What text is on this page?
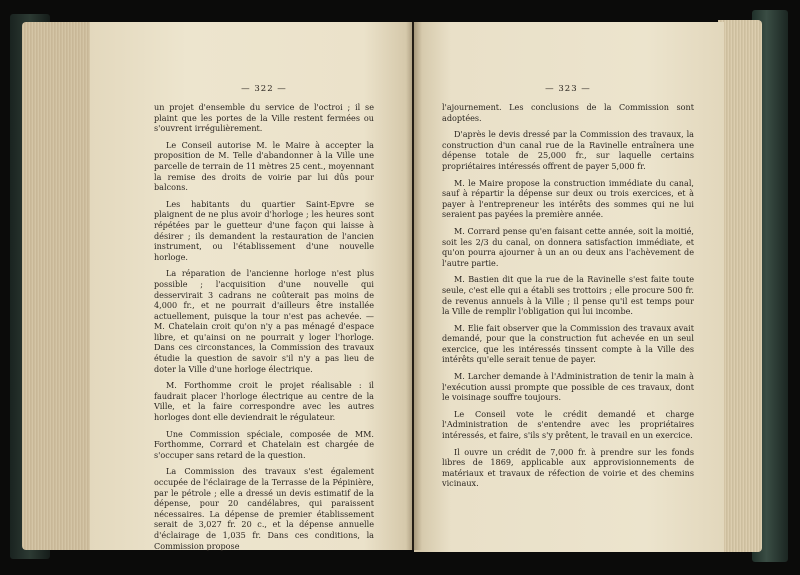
— 322 —

un projet d'ensemble du service de l'octroi ; il se plaint que les portes de la Ville restent fermées ou s'ouvrent irrégulièrement.

Le Conseil autorise M. le Maire à accepter la proposition de M. Telle d'abandonner à la Ville une parcelle de terrain de 11 mètres 25 cent., moyennant la remise des droits de voirie par lui dûs pour balcons.

Les habitants du quartier Saint-Epvre se plaignent de ne plus avoir d'horloge ; les heures sont répétées par le guetteur d'une façon qui laisse à désirer ; ils demandent la restauration de l'ancien instrument, ou l'établissement d'une nouvelle horloge.

La réparation de l'ancienne horloge n'est plus possible ; l'acquisition d'une nouvelle qui desservirait 3 cadrans ne coûterait pas moins de 4,000 fr., et ne pourrait d'ailleurs être installée actuellement, puisque la tour n'est pas achevée. — M. Chatelain croit qu'on n'y a pas ménagé d'espace libre, et qu'ainsi on ne pourrait y loger l'horloge. Dans ces circonstances, la Commission des travaux étudie la question de savoir s'il n'y a pas lieu de doter la Ville d'une horloge électrique.

M. Forthomme croit le projet réalisable : il faudrait placer l'horloge électrique au centre de la Ville, et la faire correspondre avec les autres horloges dont elle deviendrait le régulateur.

Une Commission spéciale, composée de MM. Forthomme, Corrard et Chatelain est chargée de s'occuper sans retard de la question.

La Commission des travaux s'est également occupée de l'éclairage de la Terrasse de la Pépinière, par le pétrole ; elle a dressé un devis estimatif de la dépense, pour 20 candélabres, qui paraissent nécessaires. La dépense de premier établissement serait de 3,027 fr. 20 c., et la dépense annuelle d'éclairage de 1,035 fr. Dans ces conditions, la Commission propose

— 323 —

l'ajournement. Les conclusions de la Commission sont adoptées.

D'après le devis dressé par la Commission des travaux, la construction d'un canal rue de la Ravinelle entraînera une dépense totale de 25,000 fr., sur laquelle certains propriétaires intéressés offrent de payer 5,000 fr.

M. le Maire propose la construction immédiate du canal, sauf à répartir la dépense sur deux ou trois exercices, et à payer à l'entrepreneur les intérêts des sommes qui ne lui seraient pas payées la première année.

M. Corrard pense qu'en faisant cette année, soit la moitié, soit les 2/3 du canal, on donnera satisfaction immédiate, et qu'on pourra ajourner à un an ou deux ans l'achèvement de l'autre partie.

M. Bastien dit que la rue de la Ravinelle s'est faite toute seule, c'est elle qui a établi ses trottoirs ; elle procure 500 fr. de revenus annuels à la Ville ; il pense qu'il est temps pour la Ville de remplir l'obligation qui lui incombe.

M. Elie fait observer que la Commission des travaux avait demandé, pour que la construction fut achevée en un seul exercice, que les intéressés tinssent compte à la Ville des intérêts qu'elle serait tenue de payer.

M. Larcher demande à l'Administration de tenir la main à l'exécution aussi prompte que possible de ces travaux, dont le voisinage souffre toujours.

Le Conseil vote le crédit demandé et charge l'Administration de s'entendre avec les propriétaires intéressés, et faire, s'ils s'y prêtent, le travail en un exercice.

Il ouvre un crédit de 7,000 fr. à prendre sur les fonds libres de 1869, applicable aux approvisionnements de matériaux et travaux de réfection de voirie et des chemins vicinaux.
